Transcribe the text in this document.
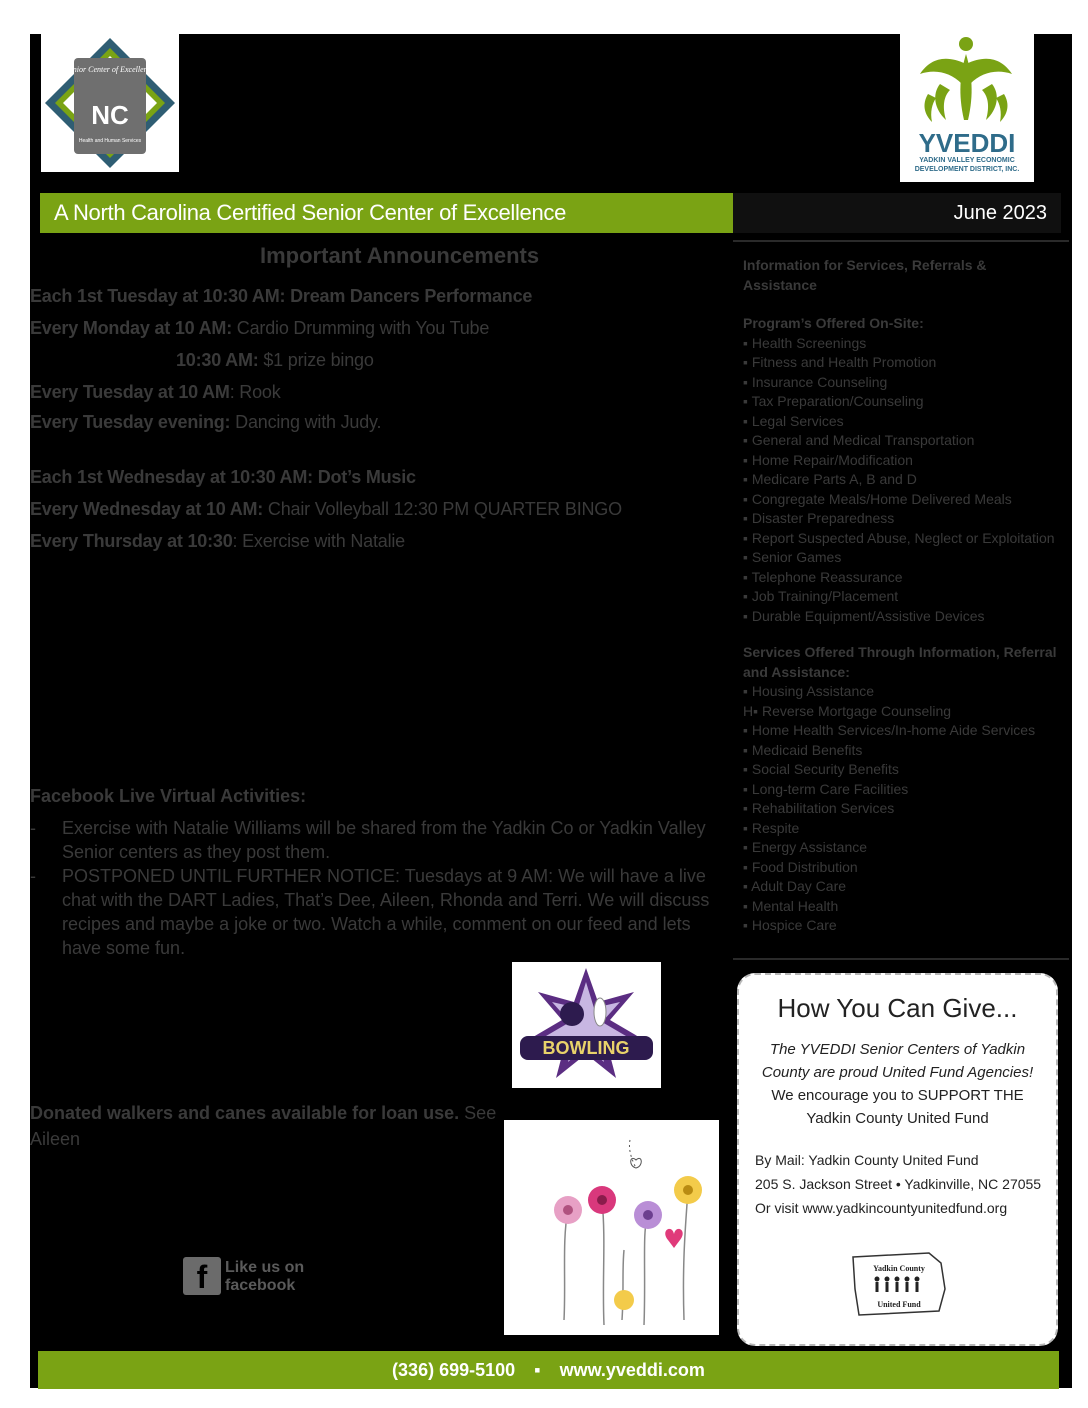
Senior Center of Excellence
NC
Health and Human Services	YVEDDI
YADKIN VALLEY ECONOMIC DEVELOPMENT DISTRICT, INC.
A North Carolina Certified Senior Center of Excellence	June 2023
Important Announcements
Each 1st Tuesday at 10:30 AM: Dream Dancers Performance
Every Monday at 10 AM: Cardio Drumming with You Tube
10:30 AM: $1 prize bingo
Every Tuesday at 10 AM: Rook
Every Tuesday evening: Dancing with Judy.
Each 1st Wednesday at 10:30 AM: Dot’s Music
Every Wednesday at 10 AM: Chair Volleyball 12:30 PM QUARTER BINGO
Every Thursday at 10:30: Exercise with Natalie
Facebook Live Virtual Activities:
- Exercise with Natalie Williams will be shared from the Yadkin Co or Yadkin Valley Senior centers as they post them.
- POSTPONED UNTIL FURTHER NOTICE: Tuesdays at 9 AM: We will have a live chat with the DART Ladies, That’s Dee, Aileen, Rhonda and Terri. We will discuss recipes and maybe a joke or two. Watch a while, comment on our feed and lets have some fun.
BOWLING
Donated walkers and canes available for loan use. See Aileen
f	Like us on facebook
Information for Services, Referrals & Assistance
Program’s Offered On-Site:
▪ Health Screenings
▪ Fitness and Health Promotion
▪ Insurance Counseling
▪ Tax Preparation/Counseling
▪ Legal Services
▪ General and Medical Transportation
▪ Home Repair/Modification
▪ Medicare Parts A, B and D
▪ Congregate Meals/Home Delivered Meals
▪ Disaster Preparedness
▪ Report Suspected Abuse, Neglect or Exploitation
▪ Senior Games
▪ Telephone Reassurance
▪ Job Training/Placement
▪ Durable Equipment/Assistive Devices
Services Offered Through Information, Referral and Assistance:
▪ Housing Assistance
H▪ Reverse Mortgage Counseling
▪ Home Health Services/In-home Aide Services
▪ Medicaid Benefits
▪ Social Security Benefits
▪ Long-term Care Facilities
▪ Rehabilitation Services
▪ Respite
▪ Energy Assistance
▪ Food Distribution
▪ Adult Day Care
▪ Mental Health
▪ Hospice Care
How You Can Give...
The YVEDDI Senior Centers of Yadkin County are proud United Fund Agencies!
We encourage you to SUPPORT THE
Yadkin County United Fund
By Mail: Yadkin County United Fund
205 S. Jackson Street • Yadkinville, NC 27055
Or visit www.yadkincountyunitedfund.org
Yadkin County
United Fund
(336) 699-5100 ▪ www.yveddi.com
